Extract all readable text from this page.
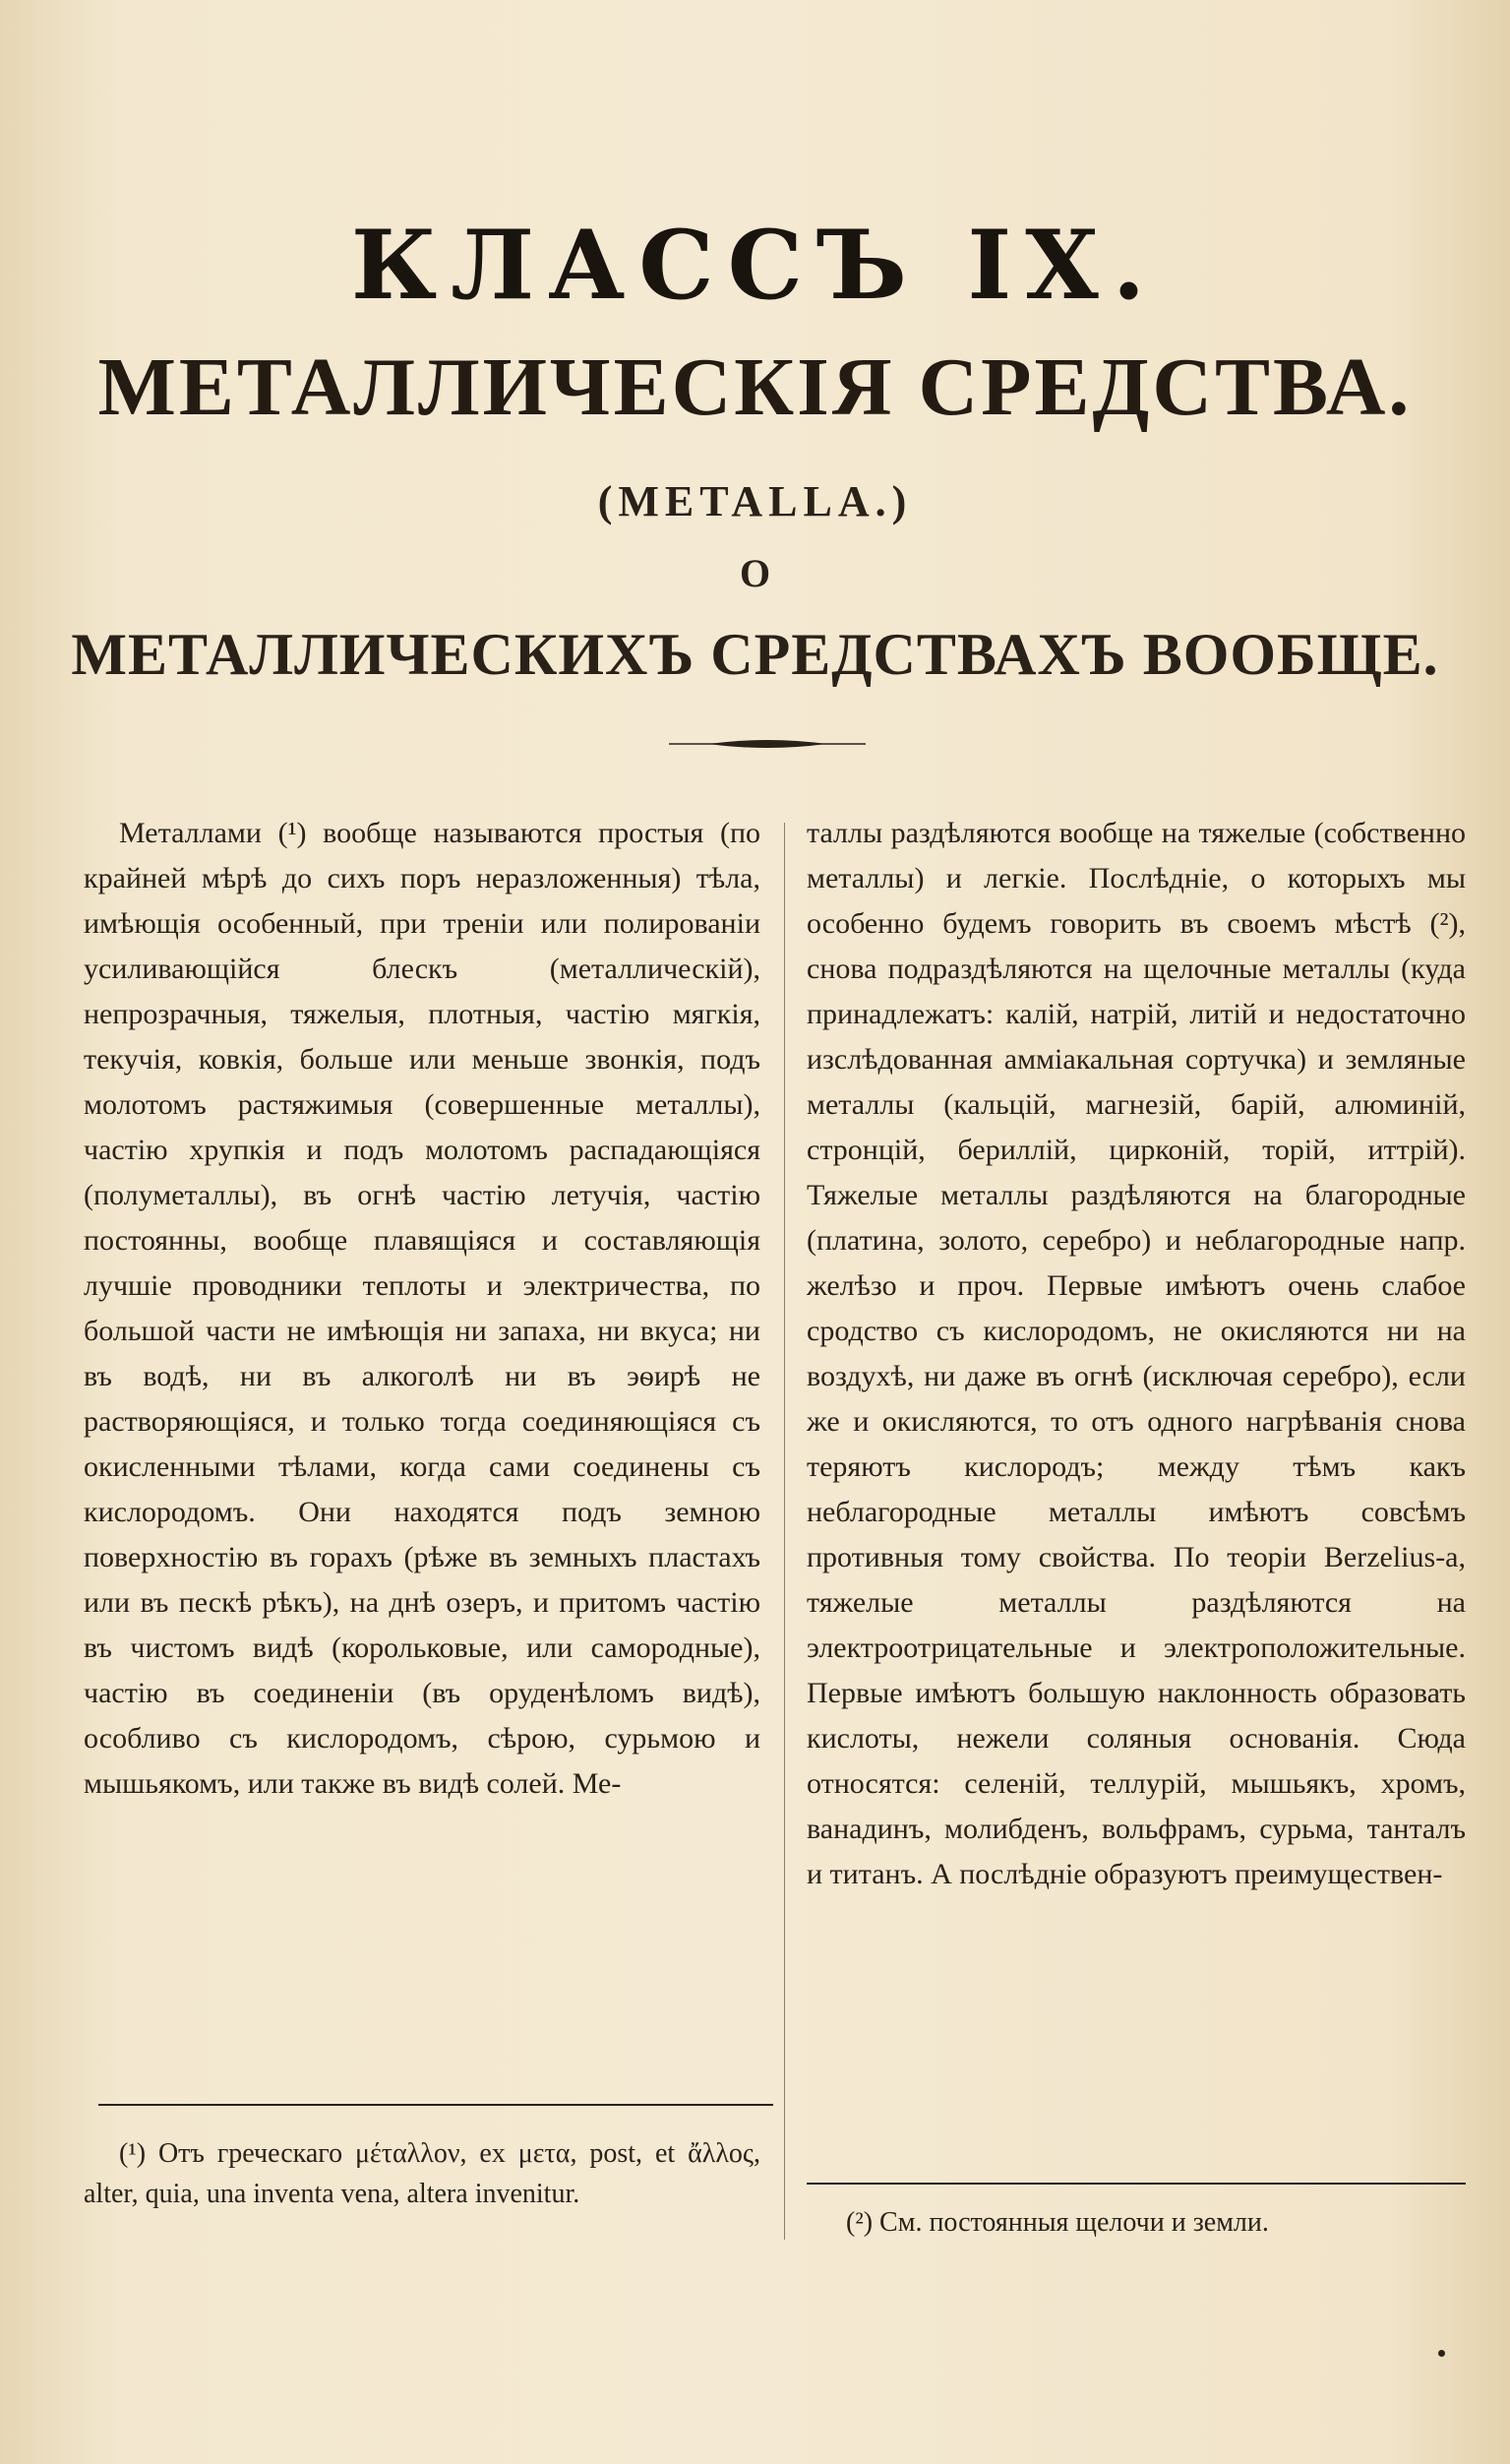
КЛАССЪ IX.
МЕТАЛЛИЧЕСКІЯ СРЕДСТВА.
(METALLA.)
О
МЕТАЛЛИЧЕСКИХЪ СРЕДСТВАХЪ ВООБЩЕ.

Металлами (¹) вообще называются простыя (по крайней мѣрѣ до сихъ поръ неразложенныя) тѣла, имѣющія особенный, при треніи или полированіи усиливающійся блескъ (металлическій), непрозрачныя, тяжелыя, плотныя, частію мягкія, текучія, ковкія, больше или меньше звонкія, подъ молотомъ растяжимыя (совершенные металлы), частію хрупкія и подъ молотомъ распадающіяся (полуметаллы), въ огнѣ частію летучія, частію постоянны, вообще плавящіяся и составляющія лучшіе проводники теплоты и электричества, по большой части не имѣющія ни запаха, ни вкуса; ни въ водѣ, ни въ алкоголѣ ни въ эѳирѣ не растворяющіяся, и только тогда соединяющіяся съ окисленными тѣлами, когда сами соединены съ кислородомъ. Они находятся подъ земною поверхностію въ горахъ (рѣже въ земныхъ пластахъ или въ пескѣ рѣкъ), на днѣ озеръ, и притомъ частію въ чистомъ видѣ (корольковые, или самородные), частію въ соединеніи (въ оруденѣломъ видѣ), особливо съ кислородомъ, сѣрою, сурьмою и мышьякомъ, или также въ видѣ солей. Ме-

таллы раздѣляются вообще на тяжелые (собственно металлы) и легкіе. Послѣдніе, о которыхъ мы особенно будемъ говорить въ своемъ мѣстѣ (²), снова подраздѣляются на щелочные металлы (куда принадлежатъ: калій, натрій, литій и недостаточно изслѣдованная аммiакальная сортучка) и земляные металлы (кальцій, магнезій, барій, алюминій, стронцій, бериллій, цирконій, торій, иттрій). Тяжелые металлы раздѣляются на благородные (платина, золото, серебро) и неблагородные напр. желѣзо и проч. Первые имѣютъ очень слабое сродство съ кислородомъ, не окисляются ни на воздухѣ, ни даже въ огнѣ (исключая серебро), если же и окисляются, то отъ одного нагрѣванія снова теряютъ кислородъ; между тѣмъ какъ неблагородные металлы имѣютъ совсѣмъ противныя тому свойства. По теоріи Berzelius-а, тяжелые металлы раздѣляются на электроотрицательные и электроположительные. Первые имѣютъ большую наклонность образовать кислоты, нежели соляныя основанія. Сюда относятся: селеній, теллурій, мышьякъ, хромъ, ванадинъ, молибденъ, вольфрамъ, сурьма, танталъ и титанъ. А послѣдніе образуютъ преимуществен-

(¹) Отъ греческаго μέταλλον, ex μετα, post, et ἄλλος, alter, quia, una inventa vena, altera invenitur.
(²) См. постоянныя щелочи и земли.
